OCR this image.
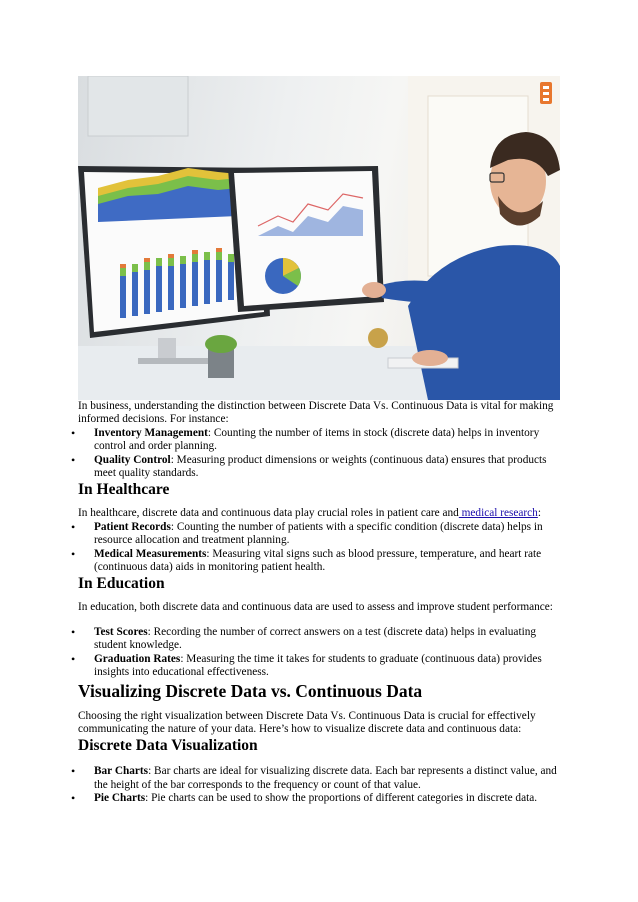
In business, understanding the distinction between Discrete Data Vs. Continuous Data is vital for making informed decisions. For instance:

• Inventory Management: Counting the number of items in stock (discrete data) helps in inventory control and order planning.
• Quality Control: Measuring product dimensions or weights (continuous data) ensures that products meet quality standards.
In Healthcare

In healthcare, discrete data and continuous data play crucial roles in patient care and medical research:

• Patient Records: Counting the number of patients with a specific condition (discrete data) helps in resource allocation and treatment planning.
• Medical Measurements: Measuring vital signs such as blood pressure, temperature, and heart rate (continuous data) aids in monitoring patient health.
In Education

In education, both discrete data and continuous data are used to assess and improve student performance:

• Test Scores: Recording the number of correct answers on a test (discrete data) helps in evaluating student knowledge.
• Graduation Rates: Measuring the time it takes for students to graduate (continuous data) provides insights into educational effectiveness.
Visualizing Discrete Data vs. Continuous Data

Choosing the right visualization between Discrete Data Vs. Continuous Data is crucial for effectively communicating the nature of your data. Here’s how to visualize discrete data and continuous data:

Discrete Data Visualization
• Bar Charts: Bar charts are ideal for visualizing discrete data. Each bar represents a distinct value, and the height of the bar corresponds to the frequency or count of that value.
• Pie Charts: Pie charts can be used to show the proportions of different categories in discrete data.
